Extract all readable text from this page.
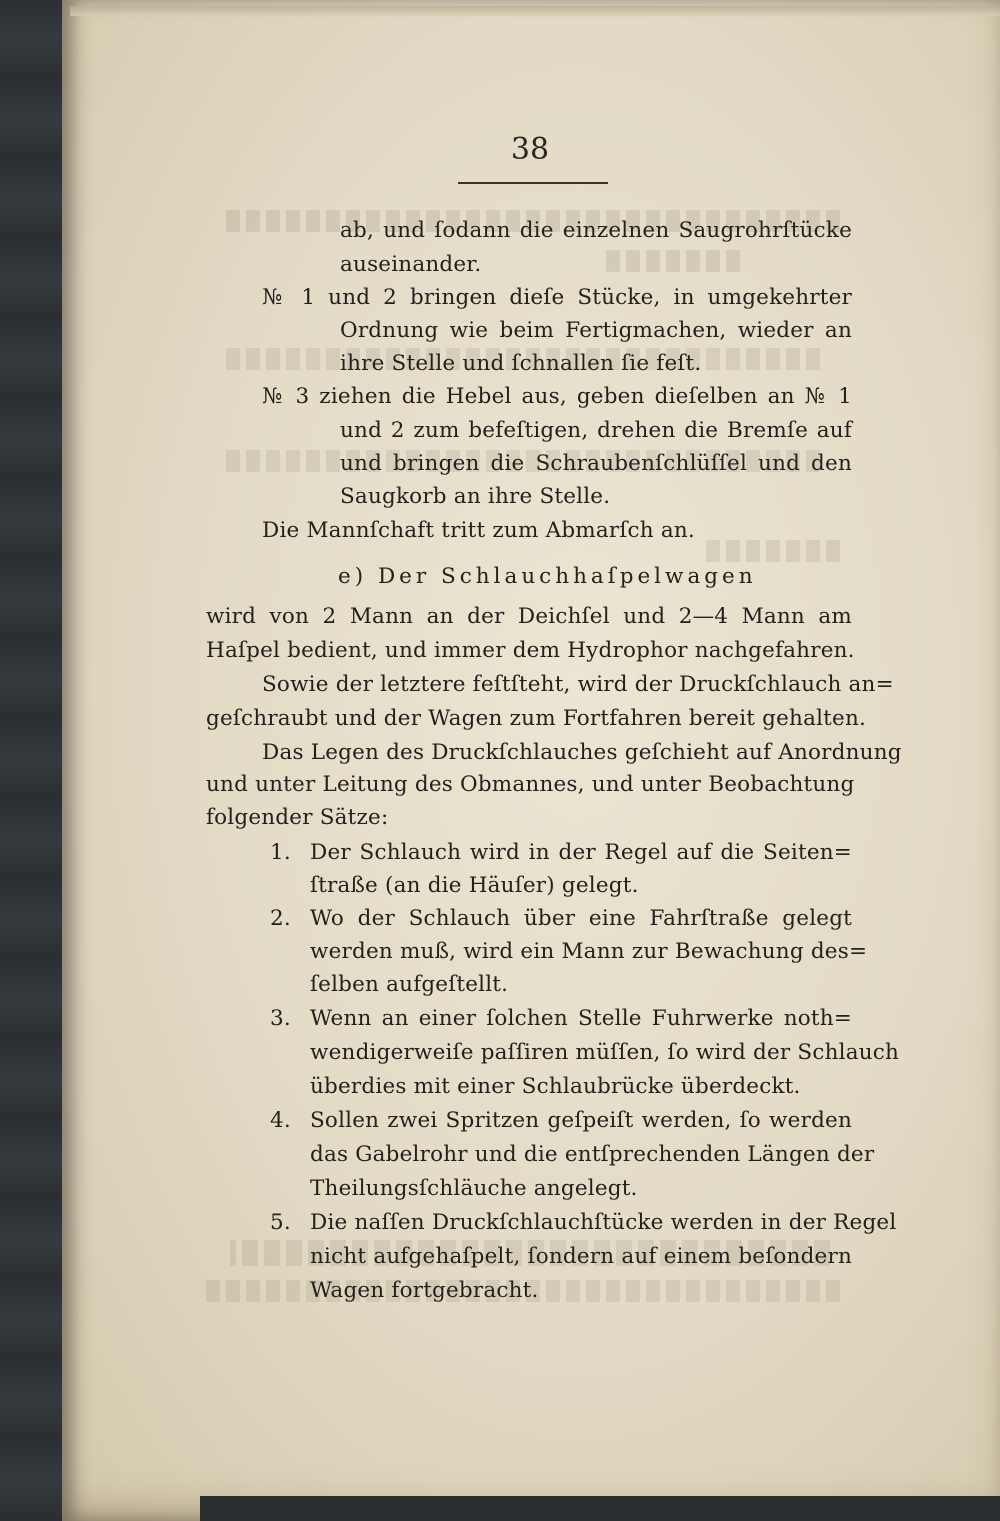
38
ab, und ſodann die einzelnen Saugrohrſtücke
auseinander.
№ 1 und 2 bringen dieſe Stücke, in umgekehrter
Ordnung wie beim Fertigmachen, wieder an
ihre Stelle und ſchnallen ſie feſt.
№ 3 ziehen die Hebel aus, geben dieſelben an № 1
und 2 zum befeſtigen, drehen die Bremſe auf
und bringen die Schraubenſchlüſſel und den
Saugkorb an ihre Stelle.
Die Mannſchaft tritt zum Abmarſch an.
e) Der Schlauchhaſpelwagen
wird von 2 Mann an der Deichſel und 2—4 Mann am
Haſpel bedient, und immer dem Hydrophor nachgefahren.
Sowie der letztere feſtſteht, wird der Druckſchlauch an=
geſchraubt und der Wagen zum Fortfahren bereit gehalten.
Das Legen des Druckſchlauches geſchieht auf Anordnung
und unter Leitung des Obmannes, und unter Beobachtung
folgender Sätze:
1. Der Schlauch wird in der Regel auf die Seiten=
ſtraße (an die Häuſer) gelegt.
2. Wo der Schlauch über eine Fahrſtraße gelegt
werden muß, wird ein Mann zur Bewachung des=
ſelben aufgeſtellt.
3. Wenn an einer ſolchen Stelle Fuhrwerke noth=
wendigerweiſe paſſiren müſſen, ſo wird der Schlauch
überdies mit einer Schlaubrücke überdeckt.
4. Sollen zwei Spritzen geſpeiſt werden, ſo werden
das Gabelrohr und die entſprechenden Längen der
Theilungsſchläuche angelegt.
5. Die naſſen Druckſchlauchſtücke werden in der Regel
nicht aufgehaſpelt, ſondern auf einem beſondern
Wagen fortgebracht.
